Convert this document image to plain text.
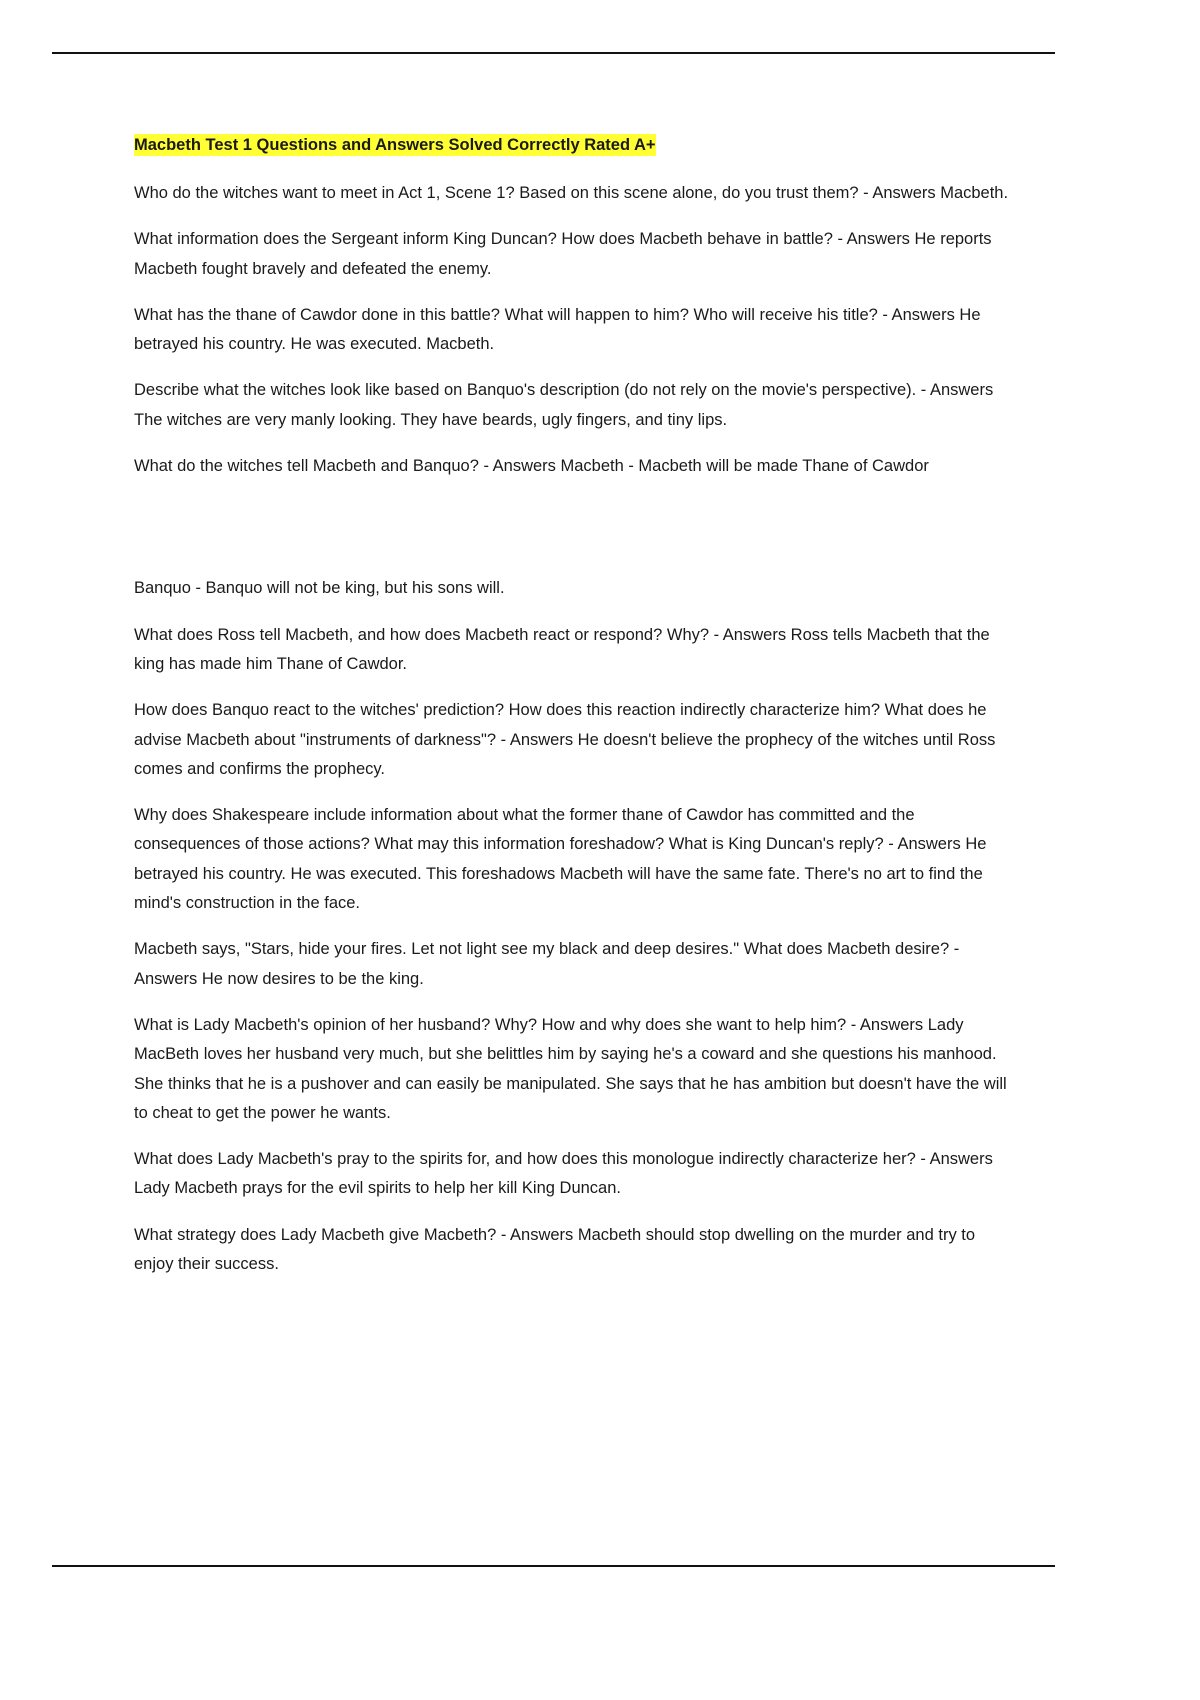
Macbeth Test 1 Questions and Answers Solved Correctly Rated A+

Who do the witches want to meet in Act 1, Scene 1? Based on this scene alone, do you trust them? - Answers Macbeth.

What information does the Sergeant inform King Duncan? How does Macbeth behave in battle? - Answers He reports Macbeth fought bravely and defeated the enemy.

What has the thane of Cawdor done in this battle? What will happen to him? Who will receive his title? - Answers He betrayed his country. He was executed. Macbeth.

Describe what the witches look like based on Banquo's description (do not rely on the movie's perspective). - Answers The witches are very manly looking. They have beards, ugly fingers, and tiny lips.

What do the witches tell Macbeth and Banquo? - Answers Macbeth - Macbeth will be made Thane of Cawdor

Banquo - Banquo will not be king, but his sons will.

What does Ross tell Macbeth, and how does Macbeth react or respond? Why? - Answers Ross tells Macbeth that the king has made him Thane of Cawdor.

How does Banquo react to the witches' prediction? How does this reaction indirectly characterize him? What does he advise Macbeth about "instruments of darkness"? - Answers He doesn't believe the prophecy of the witches until Ross comes and confirms the prophecy.

Why does Shakespeare include information about what the former thane of Cawdor has committed and the consequences of those actions? What may this information foreshadow? What is King Duncan's reply? - Answers He betrayed his country. He was executed. This foreshadows Macbeth will have the same fate. There's no art to find the mind's construction in the face.

Macbeth says, "Stars, hide your fires. Let not light see my black and deep desires." What does Macbeth desire? - Answers He now desires to be the king.

What is Lady Macbeth's opinion of her husband? Why? How and why does she want to help him? - Answers Lady MacBeth loves her husband very much, but she belittles him by saying he's a coward and she questions his manhood. She thinks that he is a pushover and can easily be manipulated. She says that he has ambition but doesn't have the will to cheat to get the power he wants.

What does Lady Macbeth's pray to the spirits for, and how does this monologue indirectly characterize her? - Answers Lady Macbeth prays for the evil spirits to help her kill King Duncan.

What strategy does Lady Macbeth give Macbeth? - Answers Macbeth should stop dwelling on the murder and try to enjoy their success.
